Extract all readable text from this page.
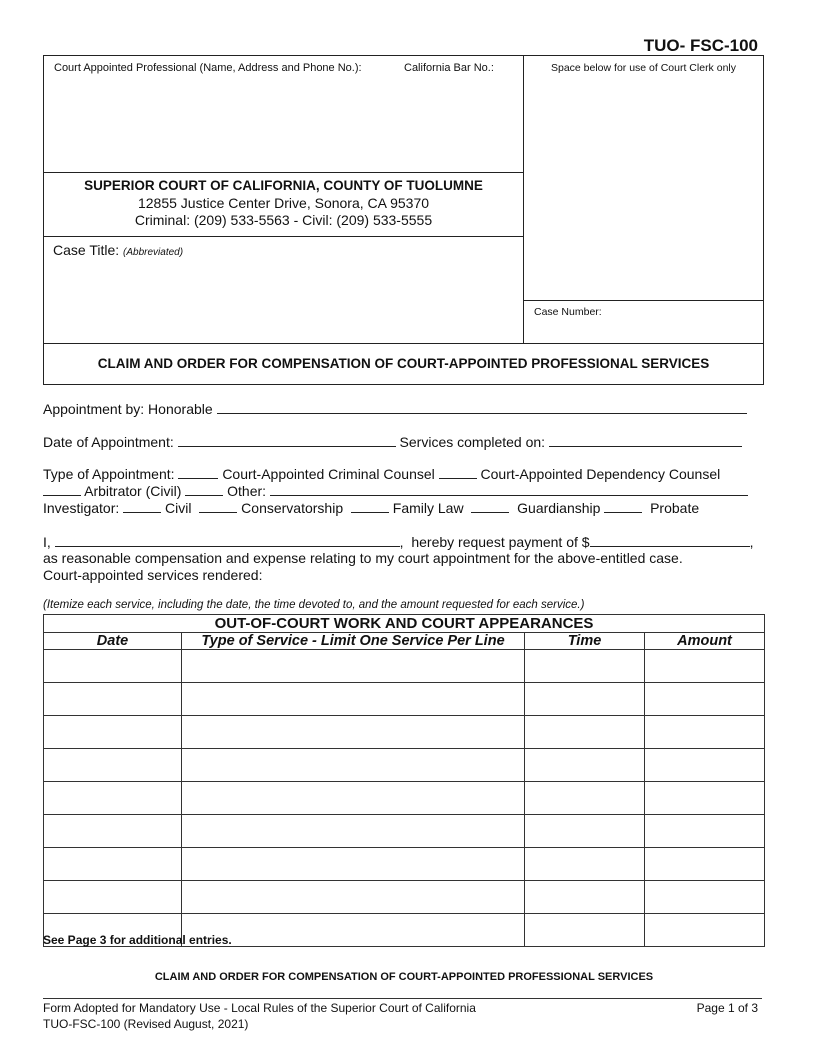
TUO- FSC-100
Court Appointed Professional (Name, Address and Phone No.):	California Bar No.:	Space below for use of Court Clerk only
SUPERIOR COURT OF CALIFORNIA, COUNTY OF TUOLUMNE
12855 Justice Center Drive, Sonora, CA 95370
Criminal: (209) 533-5563 - Civil: (209) 533-5555
Case Title: (Abbreviated)
Case Number:
CLAIM AND ORDER FOR COMPENSATION OF COURT-APPOINTED PROFESSIONAL SERVICES
Appointment by: Honorable
Date of Appointment:	Services completed on:
Type of Appointment:	Court-Appointed Criminal Counsel	Court-Appointed Dependency Counsel
Arbitrator (Civil)	Other:
Investigator:	Civil	Conservatorship	Family Law	Guardianship	Probate
I,	,  hereby request payment of $	,
as reasonable compensation and expense relating to my court appointment for the above-entitled case.
Court-appointed services rendered:
(Itemize each service, including the date, the time devoted to, and the amount requested for each service.)
OUT-OF-COURT WORK AND COURT APPEARANCES
Date	Type of Service - Limit One Service Per Line	Time	Amount

See Page 3 for additional entries.
CLAIM AND ORDER FOR COMPENSATION OF COURT-APPOINTED PROFESSIONAL SERVICES
Form Adopted for Mandatory Use - Local Rules of the Superior Court of California
TUO-FSC-100 (Revised August, 2021)
Page 1 of 3
